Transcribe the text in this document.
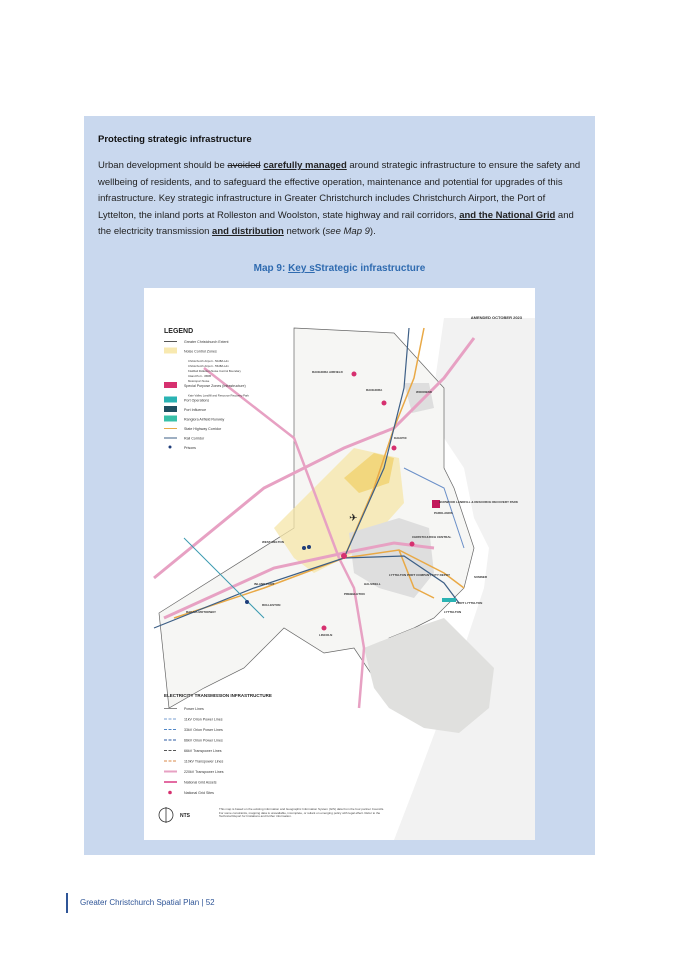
Protecting strategic infrastructure
Urban development should be avoided carefully managed around strategic infrastructure to ensure the safety and wellbeing of residents, and to safeguard the effective operation, maintenance and potential for upgrades of this infrastructure. Key strategic infrastructure in Greater Christchurch includes Christchurch Airport, the Port of Lyttelton, the inland ports at Rolleston and Woolston, state highway and rail corridors, and the National Grid and the electricity transmission and distribution network (see Map 9).
Map 9: Key sStrategic infrastructure
✈
AMENDED OCTOBER 2023
LEGEND
Greater Christchurch Extent
Noise Control Zones
Christchurch Airport - 50dBA Ldn
Christchurch Airport - 55dBA Ldn
KiwiRail Rolleston Noise Control Boundary
Inland Port - 45DB
Motorsport Noise
Special Purpose Zones (Infrastructure)
Kate Valley Landfill and Resource Recovery Park
Port Operations
Port Influence
Rangiora Airfield Runway
State Highway Corridor
Rail Corridor
Prisons
RANGIORA AIRFIELD
RANGIORA	WOODEND
KAIAPOI
BURWOOD LANDFILL & RESOURCE RECOVERY PARK
PARKLANDS
WEST MELTON
CHRISTCHURCH CENTRAL
SUMNER
LYTTELTON PORT COMPANY CITY DEPOT
PORT LYTTELTON
LYTTELTON
INLAND PORT
ROLLESTON
PREBBLETON
HALSWELL
RAKAIA MOTORWAY
LINCOLN
ELECTRICITY TRANSMISSION INFRASTRUCTURE
Power Lines
11kV Orion Power Lines
33kV Orion Power Lines
66kV Orion Power Lines
66kV Transpower Lines
110kV Transpower Lines
220kV Transpower Lines
National Grid Assets
National Grid Sites
NTS
This map is based on the existing information and Geographic Information System (GIS) data from the four partner Councils. For some constraints, mapping data is unavailable, incomplete, or reliant on emerging policy with legal effect. Refer to the Technical Report for limitations and further information.
Greater Christchurch Spatial Plan | 52
